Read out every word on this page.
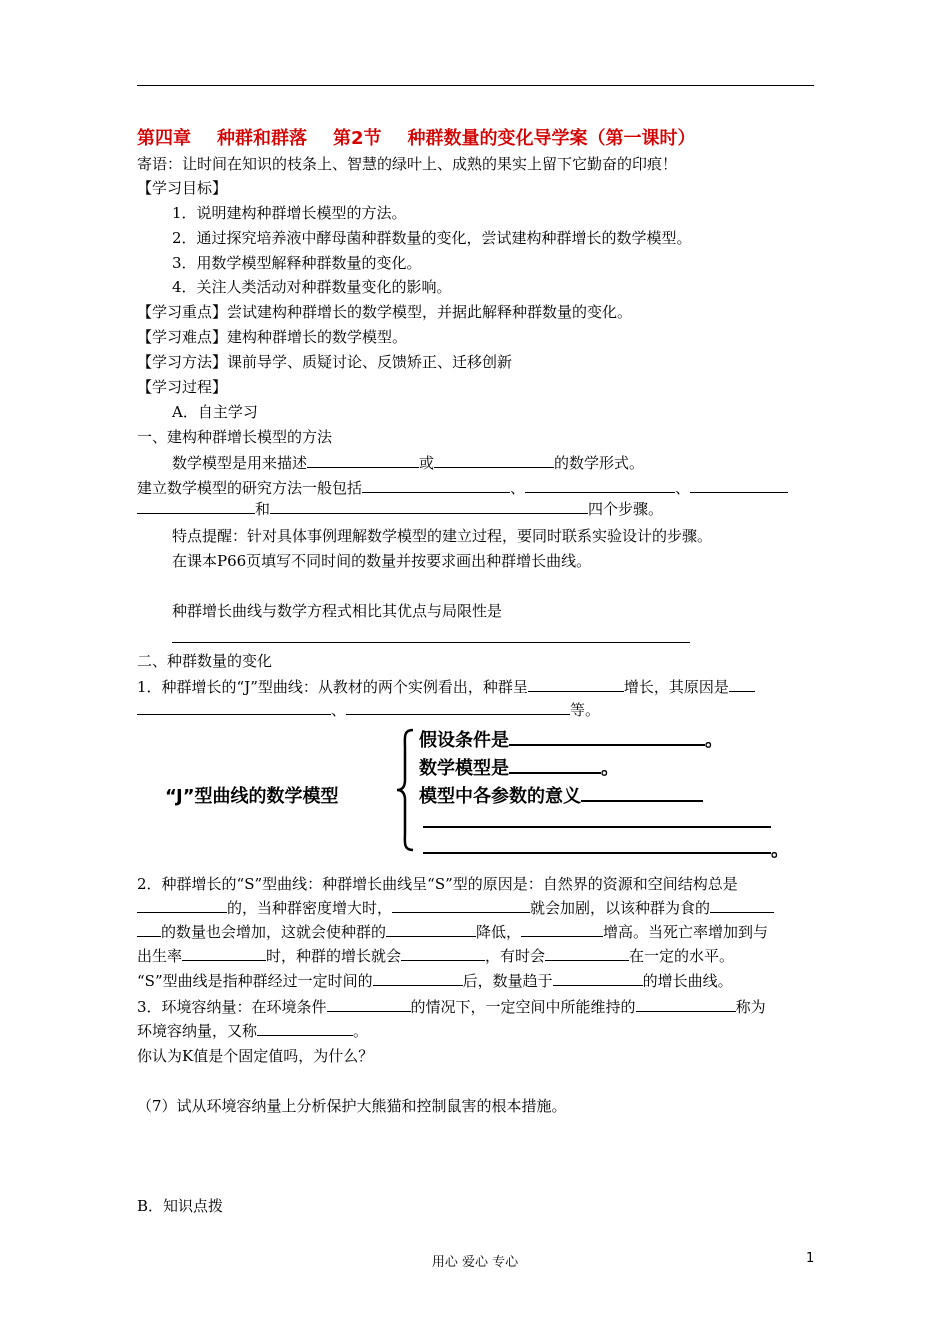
第四章 种群和群落 第2节 种群数量的变化导学案（第一课时）
寄语：让时间在知识的枝条上、智慧的绿叶上、成熟的果实上留下它勤奋的印痕！
【学习目标】
1．说明建构种群增长模型的方法。
2．通过探究培养液中酵母菌种群数量的变化，尝试建构种群增长的数学模型。
3．用数学模型解释种群数量的变化。
4．关注人类活动对种群数量变化的影响。
【学习重点】尝试建构种群增长的数学模型，并据此解释种群数量的变化。
【学习难点】建构种群增长的数学模型。
【学习方法】课前导学、质疑讨论、反馈矫正、迁移创新
【学习过程】
A．自主学习
一、建构种群增长模型的方法
数学模型是用来描述	或	的数学形式。
建立数学模型的研究方法一般包括	、	、
和	四个步骤。
特点提醒：针对具体事例理解数学模型的建立过程，要同时联系实验设计的步骤。
在课本P66页填写不同时间的数量并按要求画出种群增长曲线。
种群增长曲线与数学方程式相比其优点与局限性是
二、种群数量的变化
1．种群增长的“J”型曲线：从教材的两个实例看出，种群呈	增长，其原因是
、	等。
“J”型曲线的数学模型
假设条件是	。
数学模型是	。
模型中各参数的意义
。
2．种群增长的“S”型曲线：种群增长曲线呈“S”型的原因是：自然界的资源和空间结构总是
的，当种群密度增大时，	就会加剧，以该种群为食的
的数量也会增加，这就会使种群的	降低，	增高。当死亡率增加到与
出生率	时，种群的增长就会	，有时会	在一定的水平。
“S”型曲线是指种群经过一定时间的	后，数量趋于	的增长曲线。
3．环境容纳量：在环境条件	的情况下，一定空间中所能维持的	称为
环境容纳量，又称	。
你认为K值是个固定值吗，为什么？
（7）试从环境容纳量上分析保护大熊猫和控制鼠害的根本措施。
B．知识点拨
用心 爱心 专心	1
